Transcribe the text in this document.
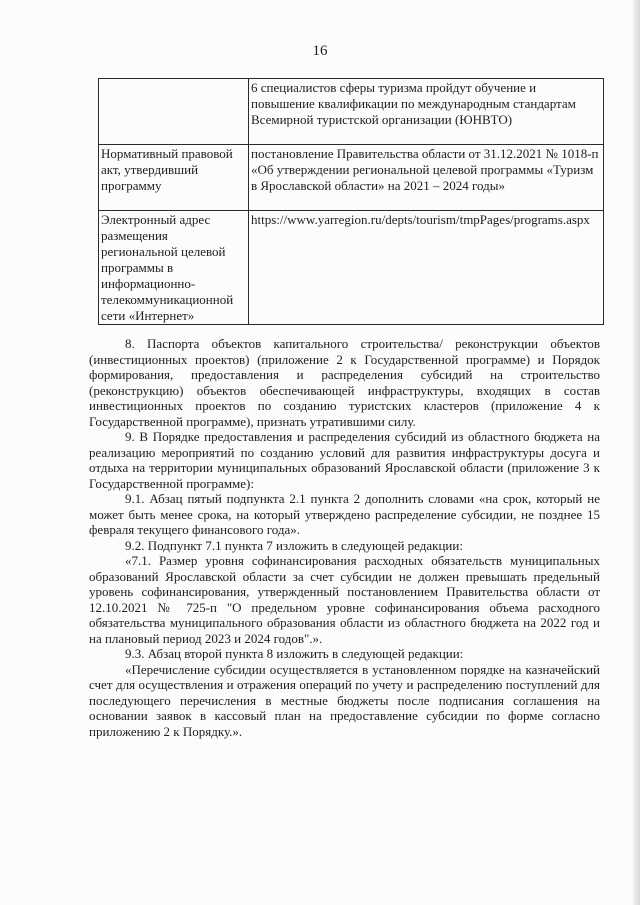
16
	6 специалистов сферы туризма пройдут обучение и повышение квалификации по международным стандартам Всемирной туристской организации (ЮНВТО)
Нормативный правовой акт, утвердивший программу	постановление Правительства области от 31.12.2021 № 1018-п «Об утверждении региональной целевой программы «Туризм в Ярославской области» на 2021 – 2024 годы»
Электронный адрес размещения региональной целевой программы в информационно-телекоммуникационной сети «Интернет»	https://www.yarregion.ru/depts/tourism/tmpPages/programs.aspx

8. Паспорта объектов капитального строительства/ реконструкции объектов (инвестиционных проектов) (приложение 2 к Государственной программе) и Порядок формирования, предоставления и распределения субсидий на строительство (реконструкцию) объектов обеспечивающей инфраструктуры, входящих в состав инвестиционных проектов по созданию туристских кластеров (приложение 4 к Государственной программе), признать утратившими силу.

9. В Порядке предоставления и распределения субсидий из областного бюджета на реализацию мероприятий по созданию условий для развития инфраструктуры досуга и отдыха на территории муниципальных образований Ярославской области (приложение 3 к Государственной программе):

9.1. Абзац пятый подпункта 2.1 пункта 2 дополнить словами «на срок, который не может быть менее срока, на который утверждено распределение субсидии, не позднее 15 февраля текущего финансового года».

9.2. Подпункт 7.1 пункта 7 изложить в следующей редакции:

«7.1. Размер уровня софинансирования расходных обязательств муниципальных образований Ярославской области за счет субсидии не должен превышать предельный уровень софинансирования, утвержденный постановлением Правительства области от 12.10.2021 № 725-п "О предельном уровне софинансирования объема расходного обязательства муниципального образования области из областного бюджета на 2022 год и на плановый период 2023 и 2024 годов".».

9.3. Абзац второй пункта 8 изложить в следующей редакции:

«Перечисление субсидии осуществляется в установленном порядке на казначейский счет для осуществления и отражения операций по учету и распределению поступлений для последующего перечисления в местные бюджеты после подписания соглашения на основании заявок в кассовый план на предоставление субсидии по форме согласно приложению 2 к Порядку.».
